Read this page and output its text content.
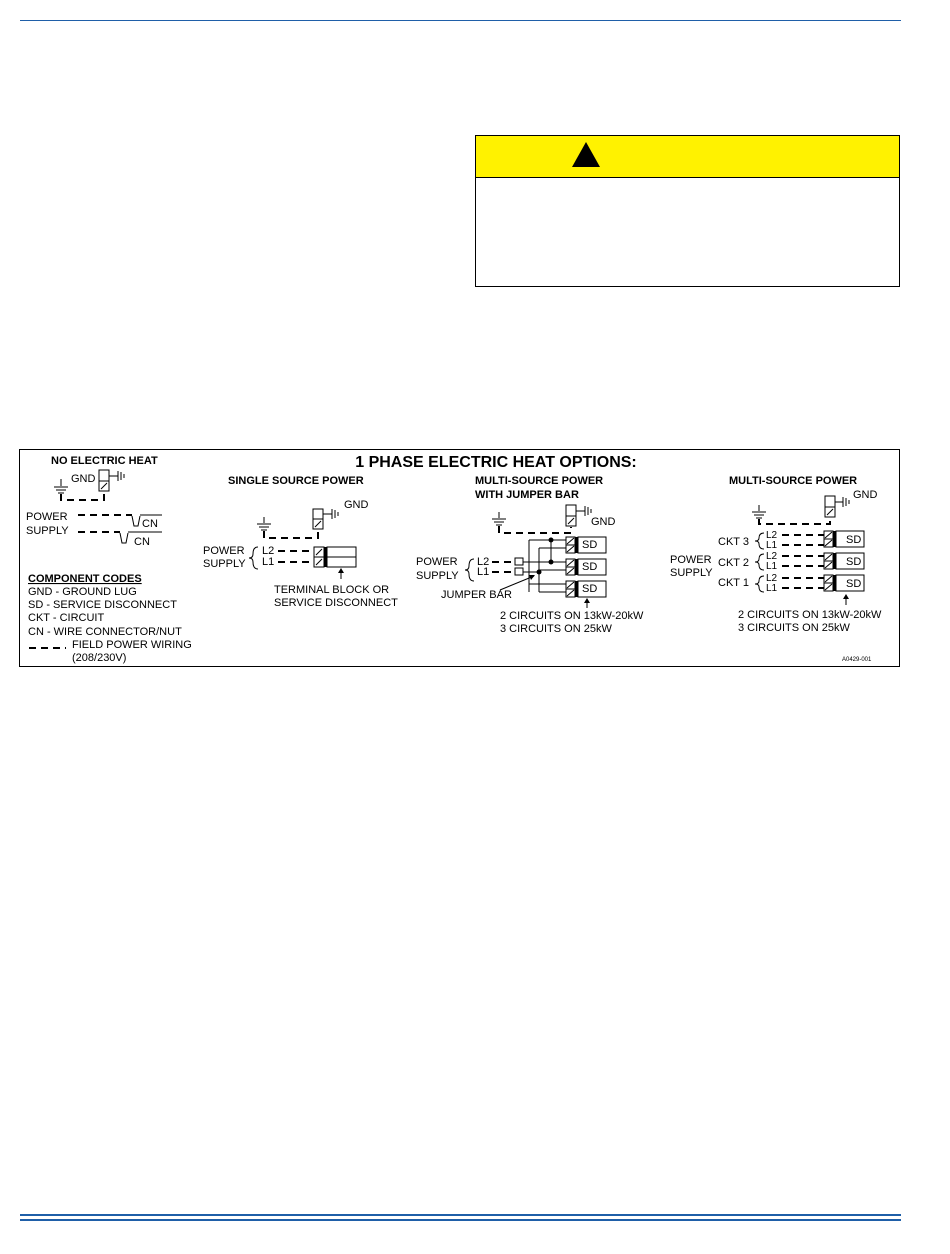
1 PHASE ELECTRIC HEAT OPTIONS:
NO ELECTRIC HEAT
GND
POWER
SUPPLY
CN
CN
COMPONENT CODES
GND - GROUND LUG
SD - SERVICE DISCONNECT
CKT - CIRCUIT
CN - WIRE CONNECTOR/NUT
FIELD POWER WIRING
(208/230V)
SINGLE SOURCE POWER
GND
POWER
SUPPLY
L2
L1
TERMINAL BLOCK OR
SERVICE DISCONNECT
MULTI-SOURCE POWER
WITH JUMPER BAR
GND
POWER
SUPPLY
L2
L1
SD
SD
SD
JUMPER BAR
2 CIRCUITS ON 13kW-20kW
3 CIRCUITS ON 25kW
MULTI-SOURCE POWER
GND
POWER
SUPPLY
CKT 3
L2
L1
CKT 2
L2
L1
CKT 1 L2
L1
SD
SD
SD
2 CIRCUITS ON 13kW-20kW
3 CIRCUITS ON 25kW
A0429-001
